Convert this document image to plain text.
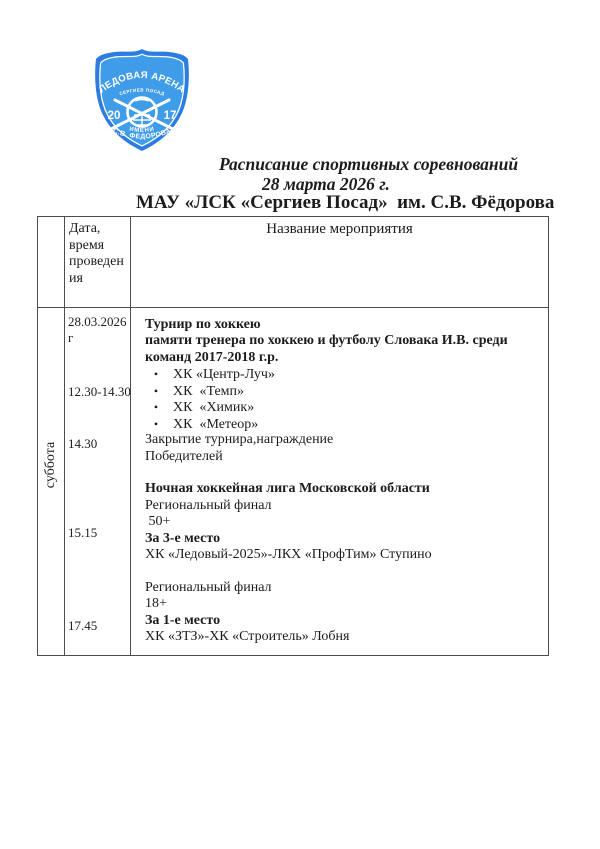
ЛЕДОВАЯ АРЕНА
СЕРГИЕВ ПОСАД
20	17
ИМЕНИ
С.В. ФЕДОРОВА
Расписание спортивных соревнований
28 марта 2026 г.
МАУ «ЛСК «Сергиев Посад»  им. С.В. Фёдорова
Дата, время проведения
Название мероприятия
суббота
28.03.2026 г
12.30-14.30
14.30
15.15
17.45
Турнир по хоккею
памяти тренера по хоккею и футболу Словака И.В. среди
команд 2017-2018 г.р.
• ХК «Центр-Луч»
• ХК  «Темп»
• ХК  «Химик»
• ХК  «Метеор»
Закрытие турнира,награждение
Победителей
Ночная хоккейная лига Московской области
Региональный финал
50+
За 3-е место
ХК «Ледовый-2025»-ЛКХ «ПрофТим» Ступино
Региональный финал
18+
За 1-е место
ХК «ЗТЗ»-ХК «Строитель» Лобня
